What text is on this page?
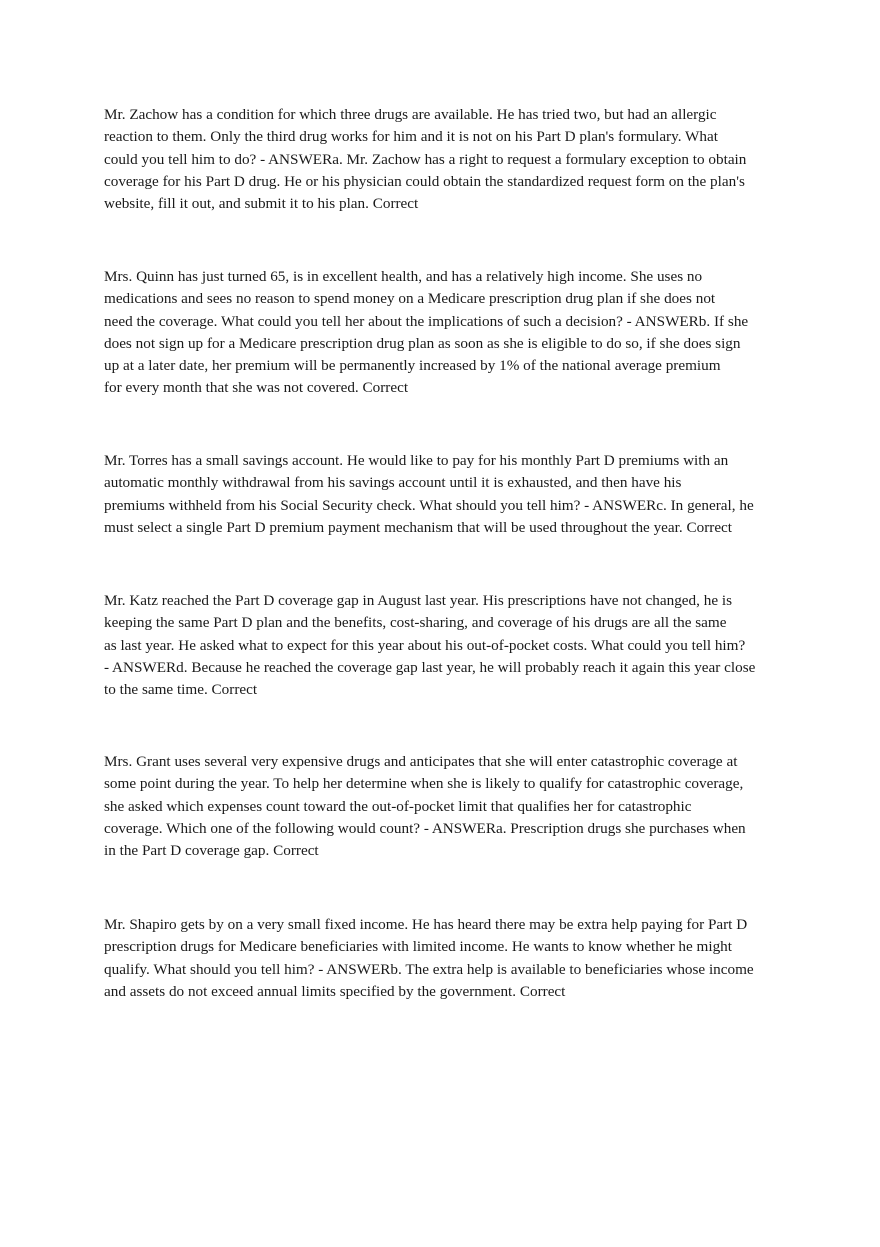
Mr. Zachow has a condition for which three drugs are available. He has tried two, but had an allergic
reaction to them. Only the third drug works for him and it is not on his Part D plan's formulary. What
could you tell him to do? - ANSWERa. Mr. Zachow has a right to request a formulary exception to obtain
coverage for his Part D drug. He or his physician could obtain the standardized request form on the plan's
website, fill it out, and submit it to his plan. Correct

Mrs. Quinn has just turned 65, is in excellent health, and has a relatively high income. She uses no
medications and sees no reason to spend money on a Medicare prescription drug plan if she does not
need the coverage. What could you tell her about the implications of such a decision? - ANSWERb. If she
does not sign up for a Medicare prescription drug plan as soon as she is eligible to do so, if she does sign
up at a later date, her premium will be permanently increased by 1% of the national average premium
for every month that she was not covered. Correct

Mr. Torres has a small savings account. He would like to pay for his monthly Part D premiums with an
automatic monthly withdrawal from his savings account until it is exhausted, and then have his
premiums withheld from his Social Security check. What should you tell him? - ANSWERc. In general, he
must select a single Part D premium payment mechanism that will be used throughout the year. Correct

Mr. Katz reached the Part D coverage gap in August last year. His prescriptions have not changed, he is
keeping the same Part D plan and the benefits, cost-sharing, and coverage of his drugs are all the same
as last year. He asked what to expect for this year about his out-of-pocket costs. What could you tell him?
- ANSWERd. Because he reached the coverage gap last year, he will probably reach it again this year close
to the same time. Correct

Mrs. Grant uses several very expensive drugs and anticipates that she will enter catastrophic coverage at
some point during the year. To help her determine when she is likely to qualify for catastrophic coverage,
she asked which expenses count toward the out-of-pocket limit that qualifies her for catastrophic
coverage. Which one of the following would count? - ANSWERa. Prescription drugs she purchases when
in the Part D coverage gap. Correct

Mr. Shapiro gets by on a very small fixed income. He has heard there may be extra help paying for Part D
prescription drugs for Medicare beneficiaries with limited income. He wants to know whether he might
qualify. What should you tell him? - ANSWERb. The extra help is available to beneficiaries whose income
and assets do not exceed annual limits specified by the government. Correct
